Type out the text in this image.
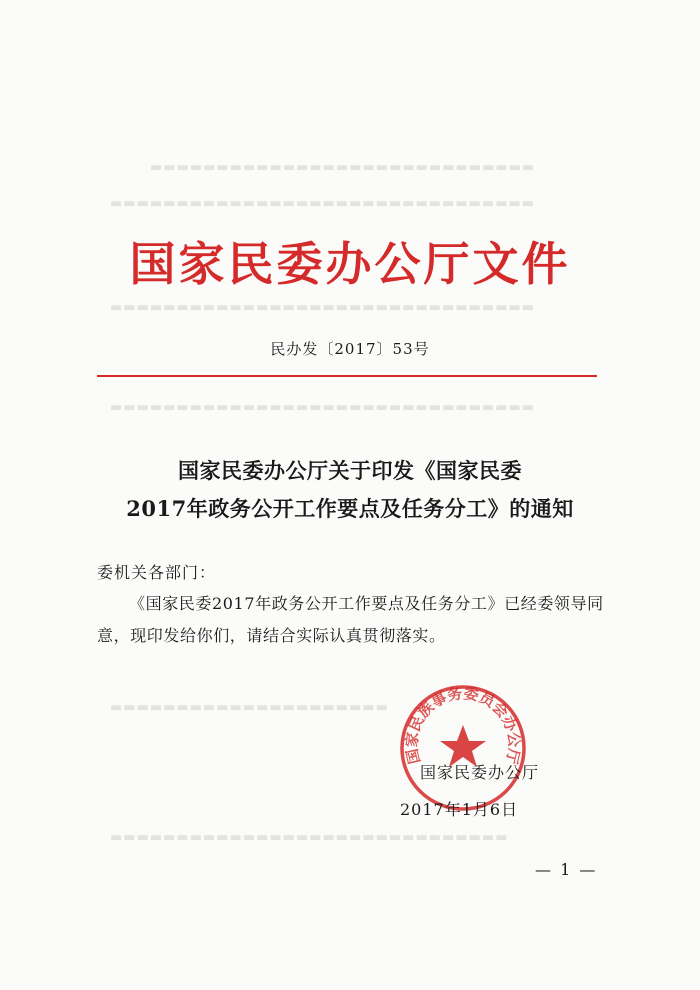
▬▬▬▬▬▬▬▬▬▬▬▬▬▬▬▬▬▬▬▬▬▬▬▬▬▬▬▬▬
▬▬▬▬▬▬▬▬▬▬▬▬▬▬▬▬▬▬▬▬▬▬▬▬▬▬▬▬▬▬▬▬
▬▬▬▬▬▬▬▬▬▬▬▬▬▬▬▬▬▬▬▬▬▬▬▬▬▬▬▬▬▬▬▬
▬▬▬▬▬▬▬▬▬▬▬▬▬▬▬▬▬▬▬▬▬▬▬▬▬▬▬▬▬▬▬▬
▬▬▬▬▬▬▬▬▬▬▬▬▬▬▬▬▬▬▬▬▬
▬▬▬▬▬▬▬▬▬▬▬▬▬▬▬▬▬▬▬▬▬▬▬▬▬▬▬▬▬▬
国家民委办公厅文件
民办发〔2017〕53号
国家民委办公厅关于印发《国家民委
2017年政务公开工作要点及任务分工》的通知
委机关各部门：
《国家民委2017年政务公开工作要点及任务分工》已经委领导同意，现印发给你们，请结合实际认真贯彻落实。
国家民族事务委员会办公厅
国家民委办公厅
2017年1月6日
— 1 —
